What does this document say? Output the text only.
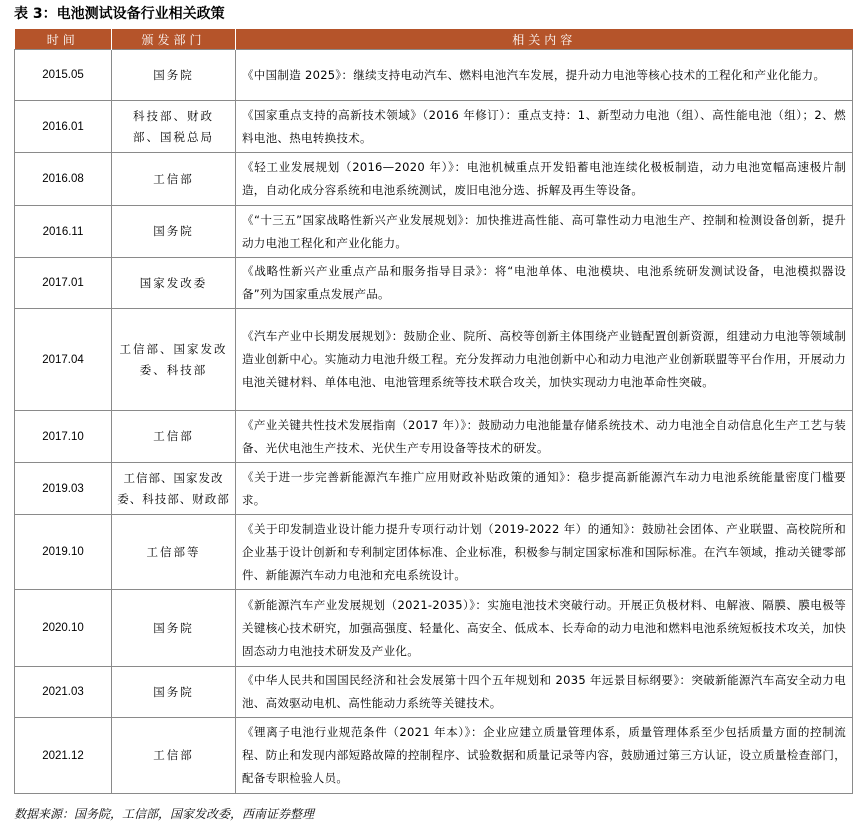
表 3：电池测试设备行业相关政策
时间	颁发部门	相关内容
2015.05	国务院	《中国制造 2025》：继续支持电动汽车、燃料电池汽车发展，提升动力电池等核心技术的工程化和产业化能力。
2016.01	科技部、财政部、国税总局	《国家重点支持的高新技术领域》（2016 年修订）：重点支持：1、新型动力电池（组）、高性能电池（组）；2、燃料电池、热电转换技术。
2016.08	工信部	《轻工业发展规划（2016—2020 年）》：电池机械重点开发铅蓄电池连续化极板制造，动力电池宽幅高速极片制造，自动化成分容系统和电池系统测试，废旧电池分选、拆解及再生等设备。
2016.11	国务院	《“十三五”国家战略性新兴产业发展规划》：加快推进高性能、高可靠性动力电池生产、控制和检测设备创新，提升动力电池工程化和产业化能力。
2017.01	国家发改委	《战略性新兴产业重点产品和服务指导目录》：将“电池单体、电池模块、电池系统研发测试设备，电池模拟器设备”列为国家重点发展产品。
2017.04	工信部、国家发改委、科技部	《汽车产业中长期发展规划》：鼓励企业、院所、高校等创新主体围绕产业链配置创新资源，组建动力电池等领域制造业创新中心。实施动力电池升级工程。充分发挥动力电池创新中心和动力电池产业创新联盟等平台作用，开展动力电池关键材料、单体电池、电池管理系统等技术联合攻关，加快实现动力电池革命性突破。
2017.10	工信部	《产业关键共性技术发展指南（2017 年）》：鼓励动力电池能量存储系统技术、动力电池全自动信息化生产工艺与装备、光伏电池生产技术、光伏生产专用设备等技术的研发。
2019.03	工信部、国家发改委、科技部、财政部	《关于进一步完善新能源汽车推广应用财政补贴政策的通知》：稳步提高新能源汽车动力电池系统能量密度门槛要求。
2019.10	工信部等	《关于印发制造业设计能力提升专项行动计划（2019-2022 年）的通知》：鼓励社会团体、产业联盟、高校院所和企业基于设计创新和专利制定团体标准、企业标准，积极参与制定国家标准和国际标准。在汽车领域，推动关键零部件、新能源汽车动力电池和充电系统设计。
2020.10	国务院	《新能源汽车产业发展规划（2021-2035）》：实施电池技术突破行动。开展正负极材料、电解液、隔膜、膜电极等关键核心技术研究，加强高强度、轻量化、高安全、低成本、长寿命的动力电池和燃料电池系统短板技术攻关，加快固态动力电池技术研发及产业化。
2021.03	国务院	《中华人民共和国国民经济和社会发展第十四个五年规划和 2035 年远景目标纲要》：突破新能源汽车高安全动力电池、高效驱动电机、高性能动力系统等关键技术。
2021.12	工信部	《锂离子电池行业规范条件（2021 年本）》：企业应建立质量管理体系，质量管理体系至少包括质量方面的控制流程、防止和发现内部短路故障的控制程序、试验数据和质量记录等内容，鼓励通过第三方认证，设立质量检查部门，配备专职检验人员。
数据来源：国务院，工信部，国家发改委，西南证券整理
